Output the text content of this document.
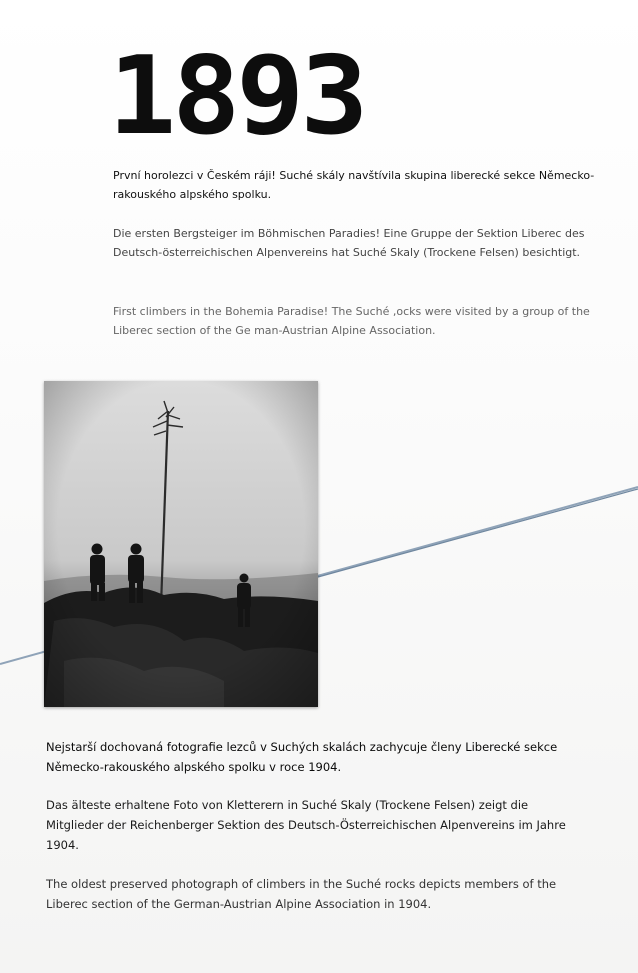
1893

První horolezci v Českém ráji! Suché skály navštívila skupina liberecké sekce Německo-rakouského alpského spolku.

Die ersten Bergsteiger im Böhmischen Paradies! Eine Gruppe der Sektion Liberec des Deutsch-österreichischen Alpenvereins hat Suché Skaly (Trockene Felsen) besichtigt.

First climbers in the Bohemia Paradise! The Suché ,ocks were visited by a group of the Liberec section of the Ge man-Austrian Alpine Association.

Nejstarší dochovaná fotografie lezců v Suchých skalách zachycuje členy Liberecké sekce Německo-rakouského alpského spolku v roce 1904.

Das älteste erhaltene Foto von Kletterern in Suché Skaly (Trockene Felsen) zeigt die Mitglieder der Reichenberger Sektion des Deutsch-Österreichischen Alpenvereins im Jahre 1904.

The oldest preserved photograph of climbers in the Suché rocks depicts members of the Liberec section of the German-Austrian Alpine Association in 1904.
